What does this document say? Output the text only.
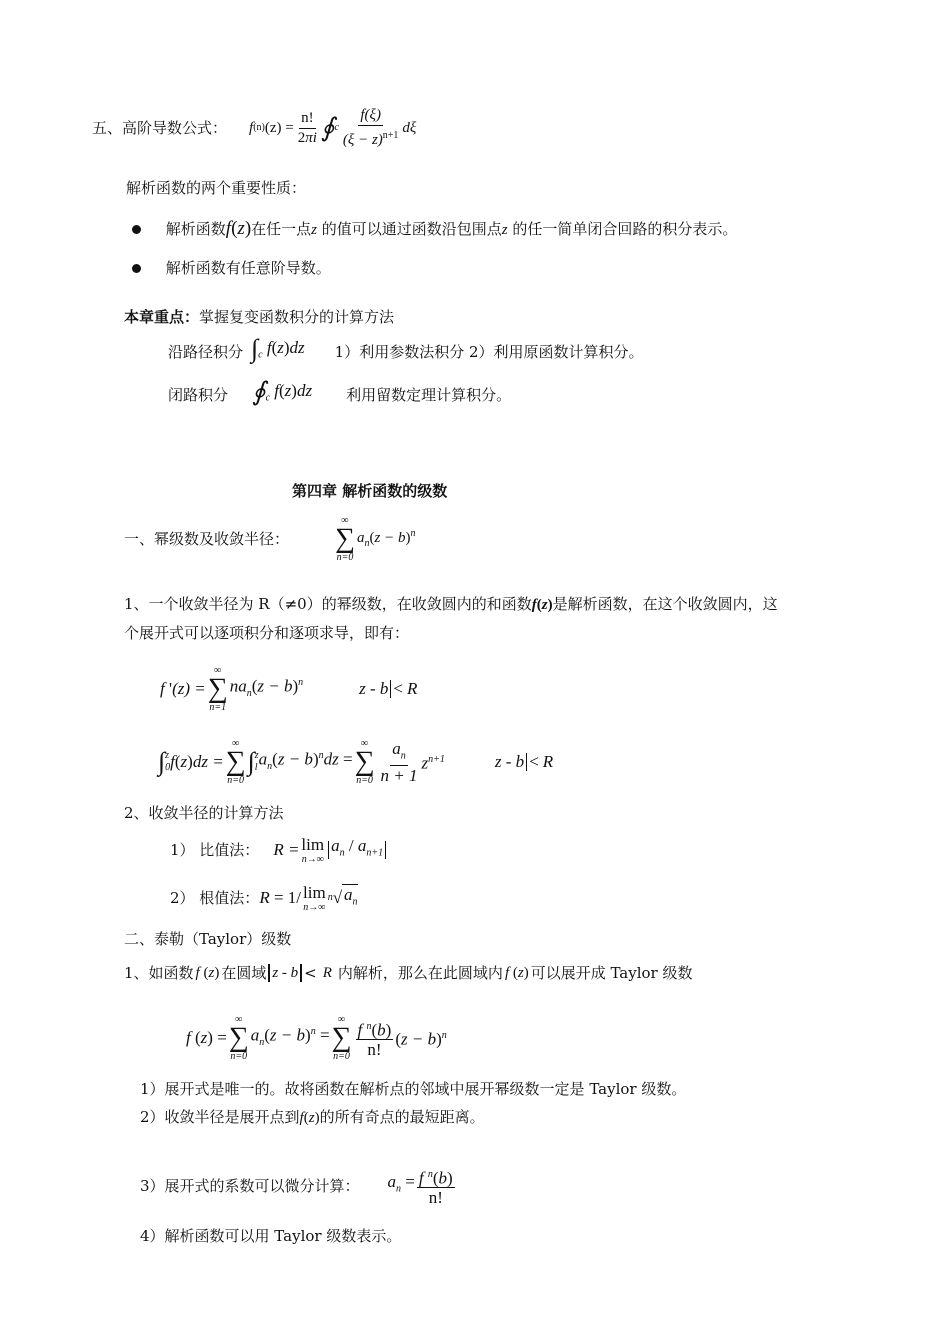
五、高阶导数公式： f (n) $(z) = \frac{n!}{2\pi i}$ ∮ c $\frac{f(\xi)}{(\xi - z)^{n+1}}$ dξ
解析函数的两个重要性质：
解析函数f(z)在任一点z 的值可以通过函数沿包围点z 的任一简单闭合回路的积分表示。
解析函数有任意阶导数。
本章重点：掌握复变函数积分的计算方法
沿路径积分 $\int_c$ f(z)dz 1）利用参数法积分 2）利用原函数计算积分。
闭路积分 $∮_c$ f(z)dz 利用留数定理计算积分。
第四章 解析函数的级数
一、幂级数及收敛半径：
∞
∑
n=0
$a_n(z - b)^n$
1、一个收敛半径为 R（≠0）的幂级数，在收敛圆内的和函数f(z)是解析函数，在这个收敛圆内，这
个展开式可以逐项积分和逐项求导，即有：
f '(z) =
∞
∑
n=1
$na_n(z - b)^n$	z - b < R
∫ z
0 f(z)dz =
∞
∑
n=0
∫ z
l $a_n(z - b)^ndz$ =
∞
∑
$n=0 \frac{a_n}{n + 1} z^{n+1}$	z - b < R
2、收敛半径的计算方法
1） 比值法： R = lim
n→∞
$a_n / a_{n+1}$
2） 根值法： R = 1/ lim
n→∞
n √ $a_n$
二、泰勒（Taylor）级数
1、如函数 f (z) 在圆域 z - b < R 内解析，那么在此圆域内 f (z) 可以展开成 Taylor 级数
f (z) =
∞
∑
n=0
$a_n(z - b)^n$ =
∞
∑
$n=0 \frac{f ^n(b)}{n!} (z - b)^n$
1）展开式是唯一的。故将函数在解析点的邻域中展开幂级数一定是 Taylor 级数。
2）收敛半径是展开点到f(z)的所有奇点的最短距离。
3）展开式的系数可以微分计算： $a_n = \frac{f ^n(b)}{n!}$
4）解析函数可以用 Taylor 级数表示。
